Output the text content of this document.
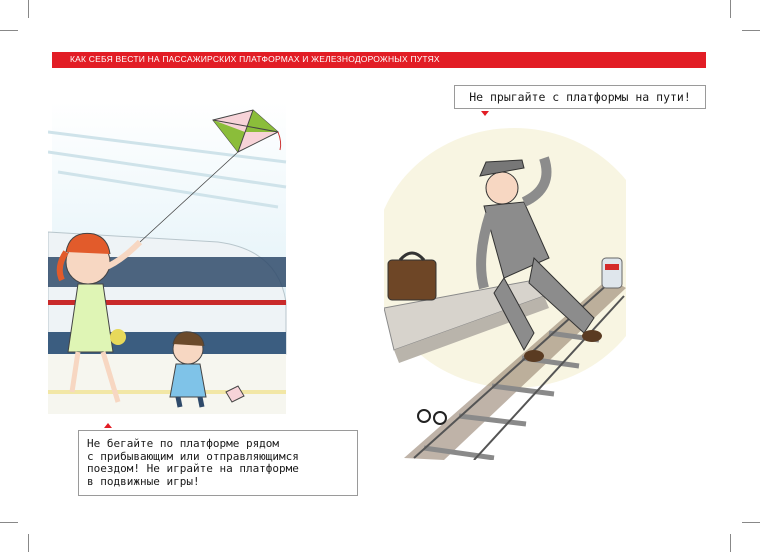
КАК СЕБЯ ВЕСТИ НА ПАССАЖИРСКИХ ПЛАТФОРМАХ И ЖЕЛЕЗНОДОРОЖНЫХ ПУТЯХ
Не прыгайте с платформы на пути!
Не бегайте по платформе рядом
с прибывающим или отправляющимся
поездом! Не играйте на платформе
в подвижные игры!
